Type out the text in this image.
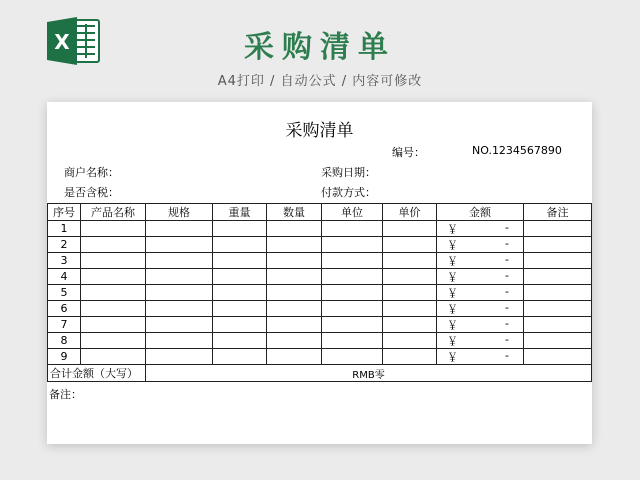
X	采购清单
A4打印 / 自动公式 / 内容可修改
采购清单
编号：	NO.1234567890
商户名称：	采购日期：
是否含税：	付款方式：
序号	产品名称	规格	重量	数量	单位	单价	金额	备注
1							￥ -	

2							￥ -	

3							￥ -	

4							￥ -	

5							￥ -	

6							￥ -	

7							￥ -	

8							￥ -	

9							￥ -	

合计金额（大写）		RMB零						
备注：
